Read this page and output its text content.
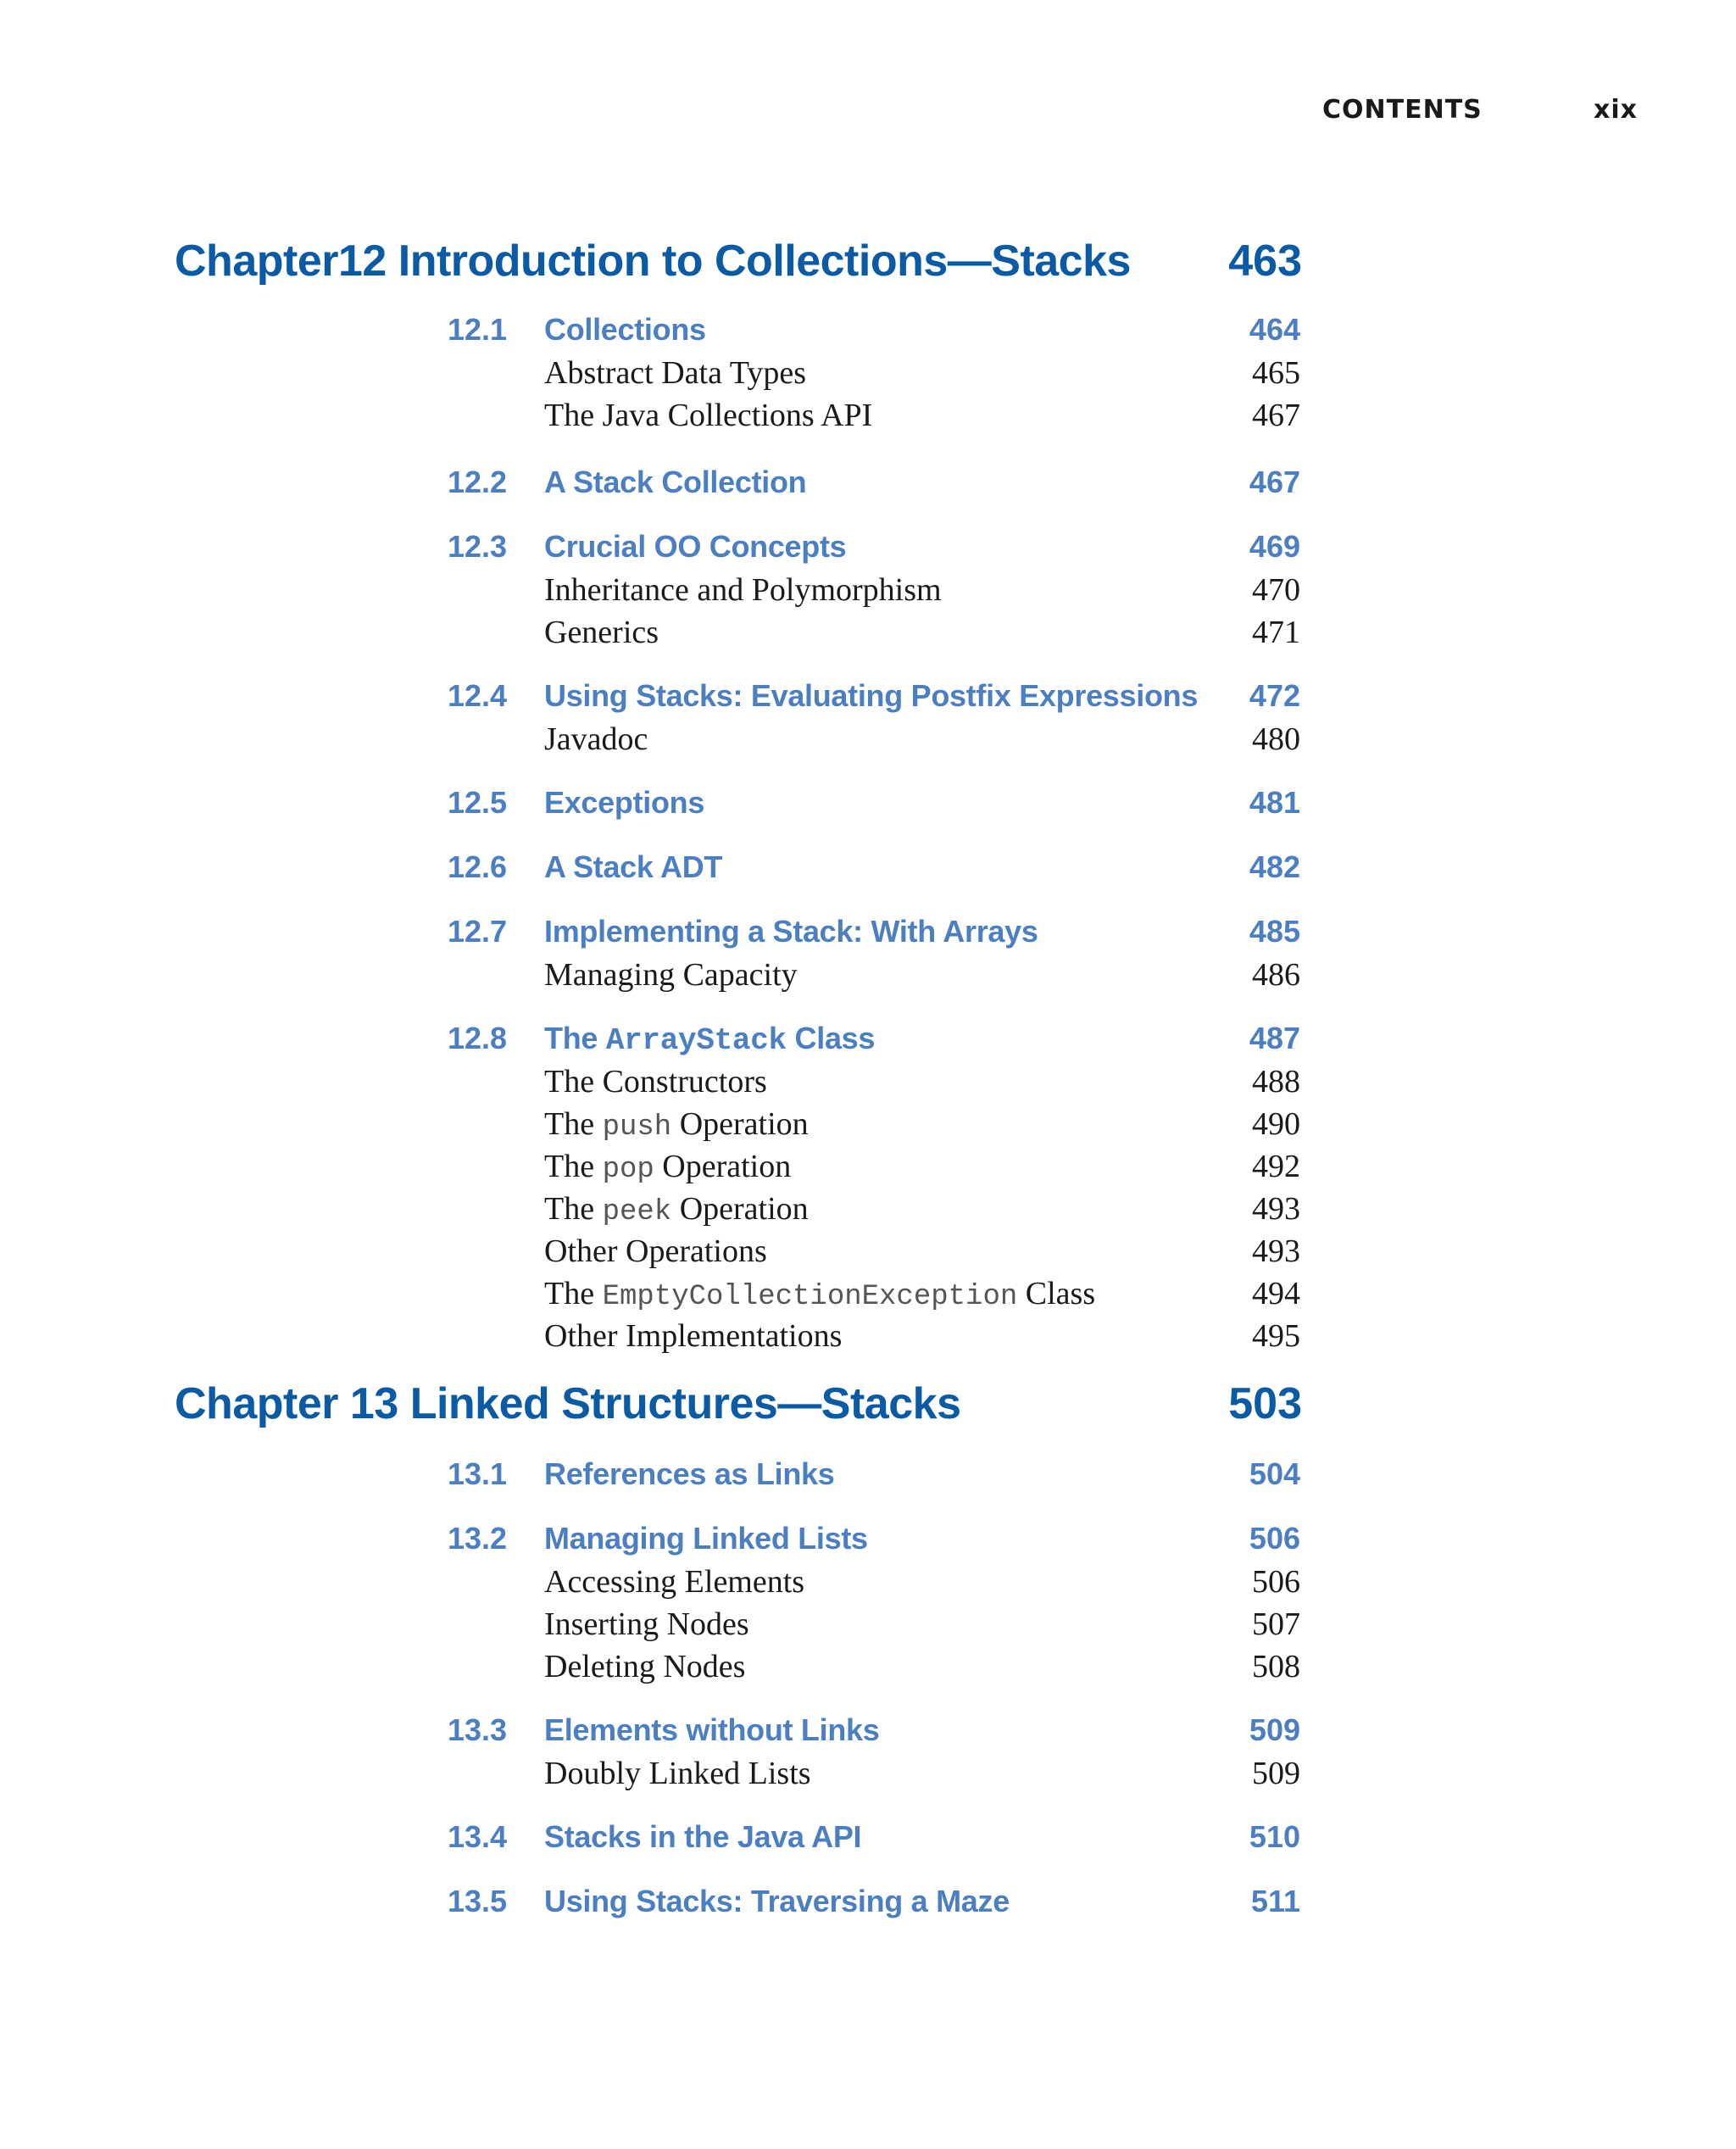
CONTENTS	xix
Chapter12 Introduction to Collections—Stacks 463
12.1 Collections	464
Abstract Data Types	465
The Java Collections API	467
12.2 A Stack Collection	467
12.3 Crucial OO Concepts	469
Inheritance and Polymorphism	470
Generics	471
12.4 Using Stacks: Evaluating Postfix Expressions 472
Javadoc	480
12.5 Exceptions	481
12.6 A Stack ADT	482
12.7 Implementing a Stack: With Arrays	485
Managing Capacity	486
12.8 The ArrayStack Class	487
The Constructors	488
The push Operation	490
The pop Operation	492
The peek Operation	493
Other Operations	493
The EmptyCollectionException Class	494
Other Implementations	495
Chapter 13 Linked Structures—Stacks	503
13.1 References as Links	504
13.2 Managing Linked Lists	506
Accessing Elements	506
Inserting Nodes	507
Deleting Nodes	508
13.3 Elements without Links	509
Doubly Linked Lists	509
13.4 Stacks in the Java API	510
13.5 Using Stacks: Traversing a Maze	511
